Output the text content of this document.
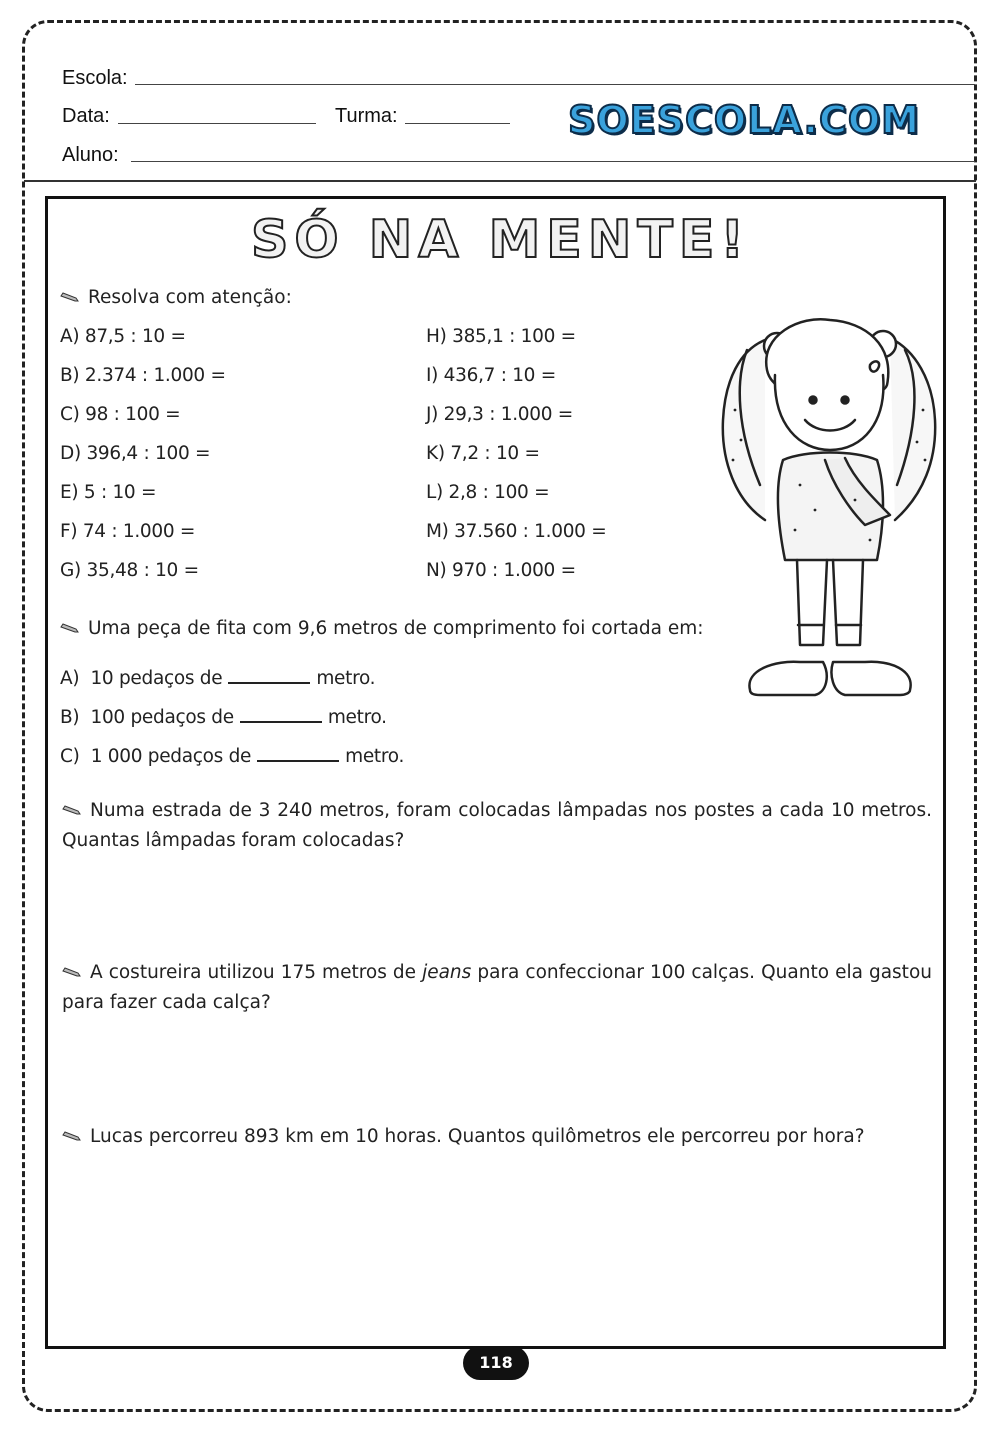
Escola:
Data:	Turma:	SOESCOLA.COM
Aluno:
SÓ NA MENTE!
Resolva com atenção:
A) 87,5 : 10 =
B) 2.374 : 1.000 =
C) 98 : 100 =
D) 396,4 : 100 =
E) 5 : 10 =
F) 74 : 1.000 =
G) 35,48 : 10 =
H) 385,1 : 100 =
I) 436,7 : 10 =
J) 29,3 : 1.000 =
K) 7,2 : 10 =
L) 2,8 : 100 =
M) 37.560 : 1.000 =
N) 970 : 1.000 =
Uma peça de fita com 9,6 metros de comprimento foi cortada em:
A) 10 pedaços de	metro.
B) 100 pedaços de	metro.
C) 1 000 pedaços de	metro.
Numa estrada de 3 240 metros, foram colocadas lâmpadas nos postes a cada 10 metros. Quantas lâmpadas foram colocadas?
A costureira utilizou 175 metros de jeans para confeccionar 100 calças. Quanto ela gastou para fazer cada calça?
Lucas percorreu 893 km em 10 horas. Quantos quilômetros ele percorreu por hora?
118
